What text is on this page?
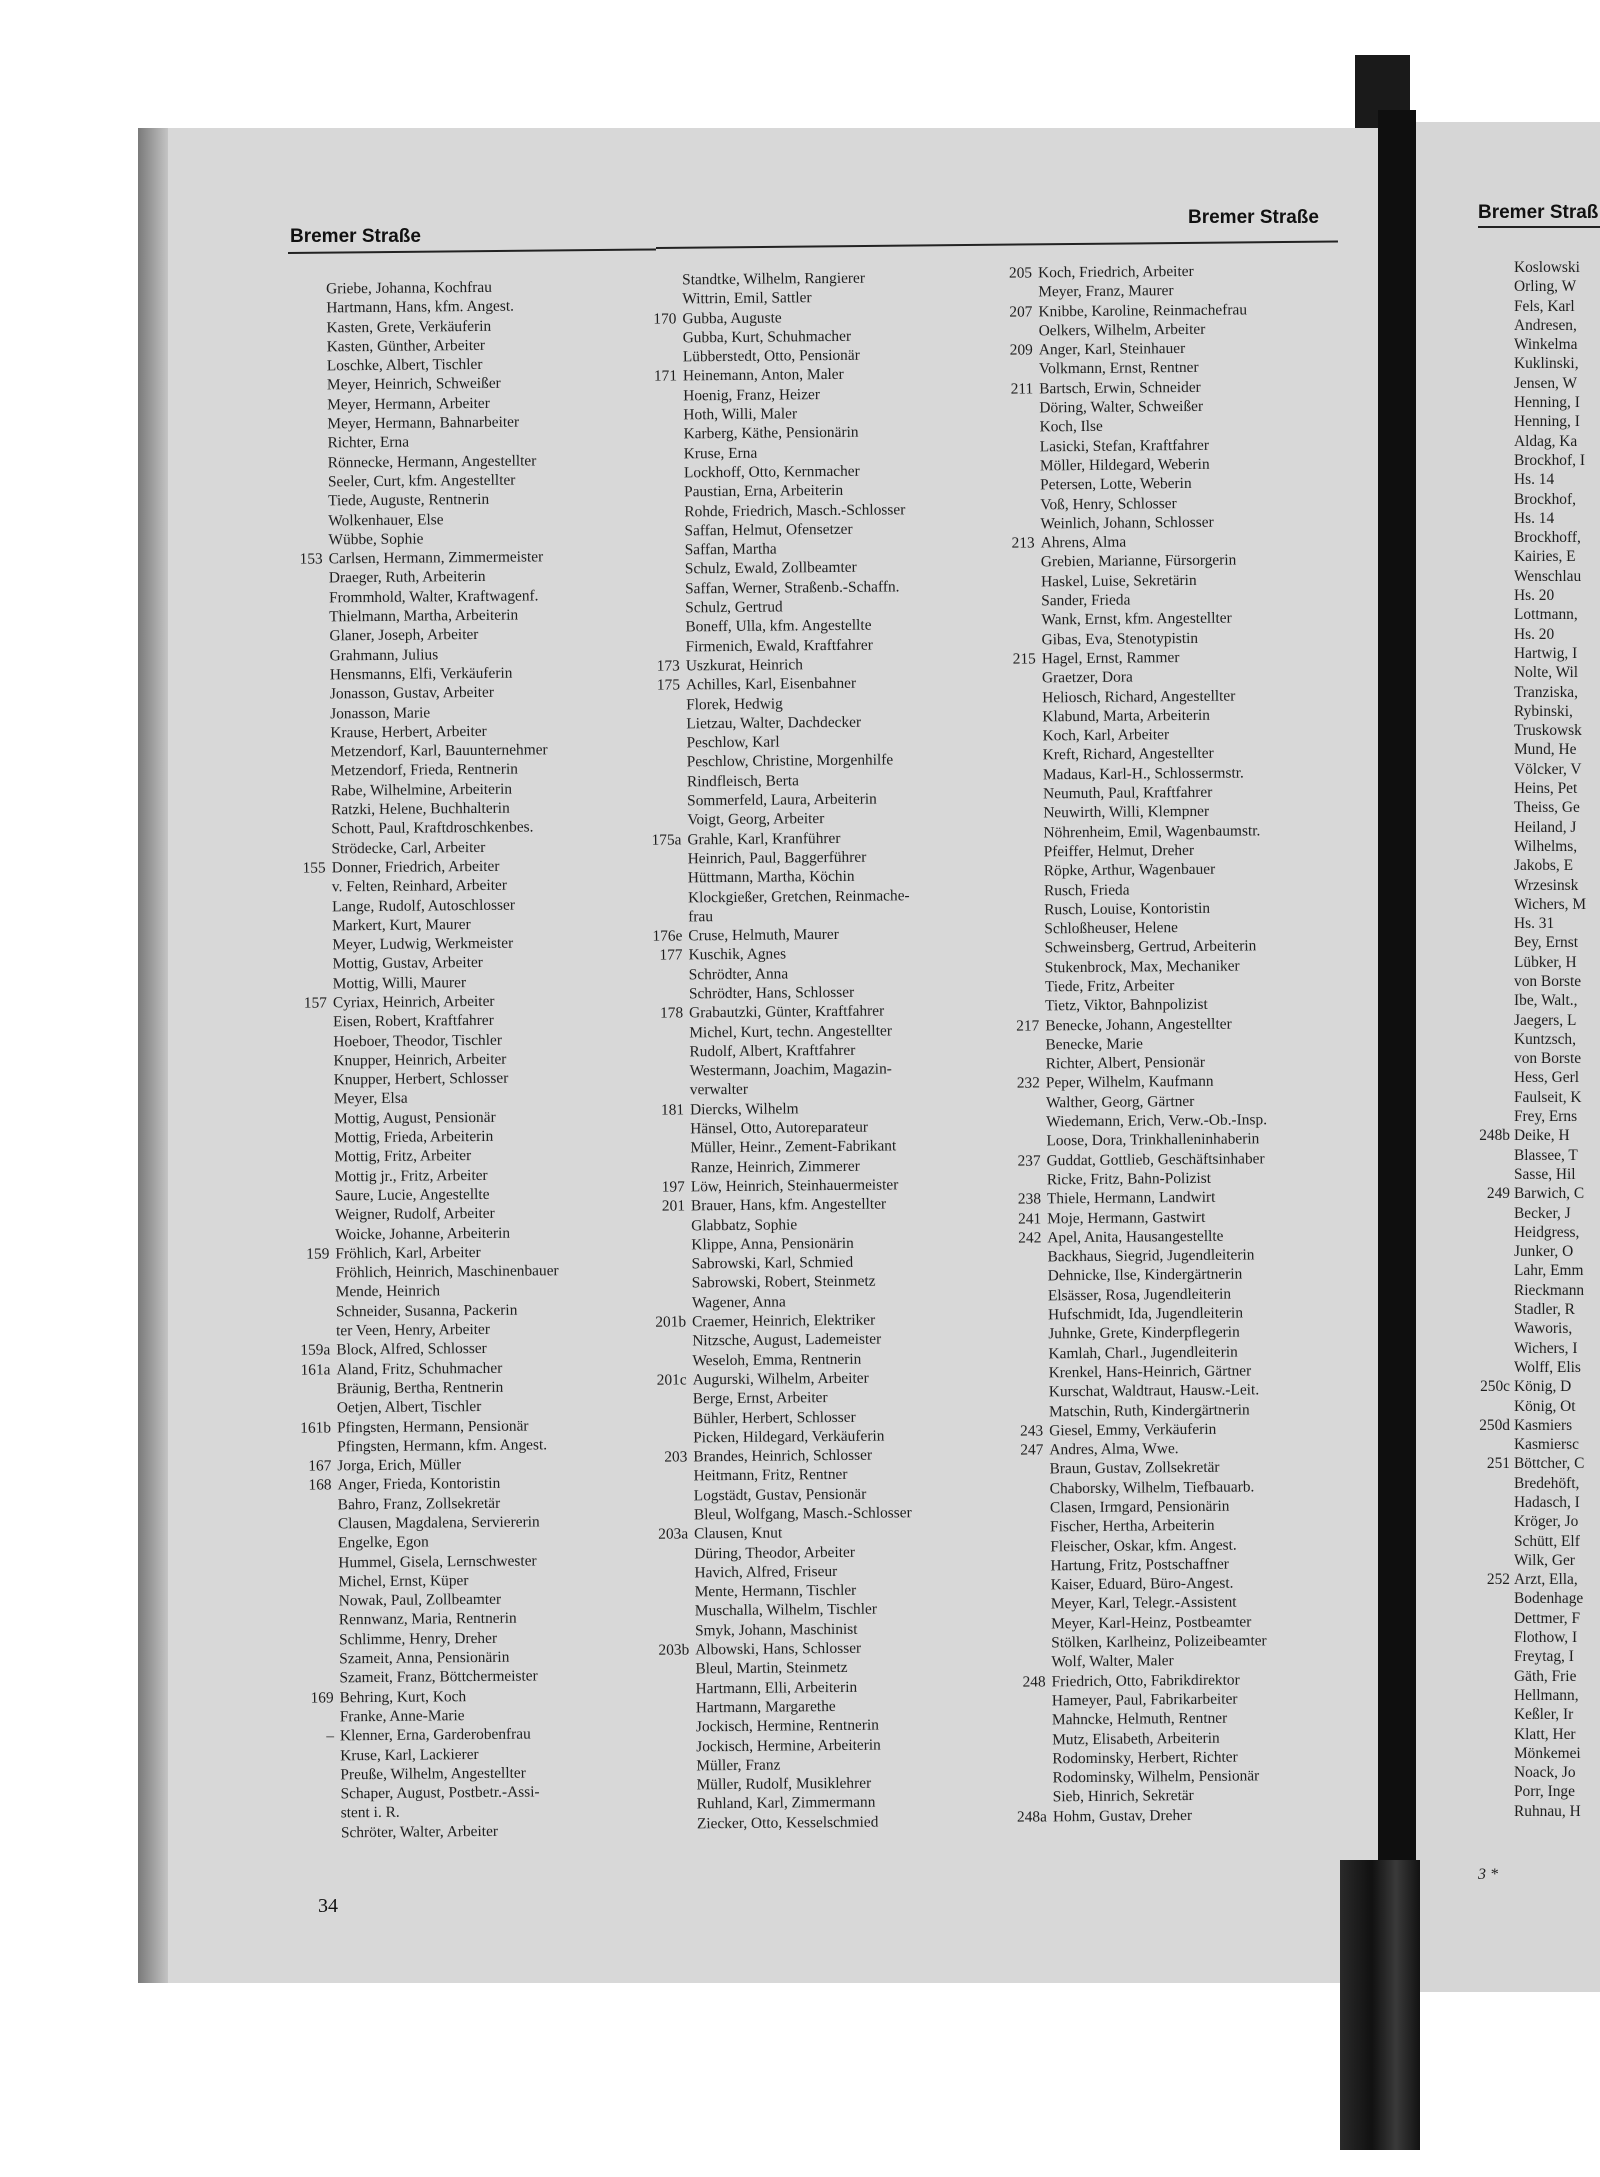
Bremer Straße
Bremer Straße	Bremer Straß
Griebe, Johanna, Kochfrau
Hartmann, Hans, kfm. Angest.
Kasten, Grete, Verkäuferin
Kasten, Günther, Arbeiter
Loschke, Albert, Tischler
Meyer, Heinrich, Schweißer
Meyer, Hermann, Arbeiter
Meyer, Hermann, Bahnarbeiter
Richter, Erna
Rönnecke, Hermann, Angestellter
Seeler, Curt, kfm. Angestellter
Tiede, Auguste, Rentnerin
Wolkenhauer, Else
Wübbe, Sophie
153 Carlsen, Hermann, Zimmermeister
Draeger, Ruth, Arbeiterin
Frommhold, Walter, Kraftwagenf.
Thielmann, Martha, Arbeiterin
Glaner, Joseph, Arbeiter
Grahmann, Julius
Hensmanns, Elfi, Verkäuferin
Jonasson, Gustav, Arbeiter
Jonasson, Marie
Krause, Herbert, Arbeiter
Metzendorf, Karl, Bauunternehmer
Metzendorf, Frieda, Rentnerin
Rabe, Wilhelmine, Arbeiterin
Ratzki, Helene, Buchhalterin
Schott, Paul, Kraftdroschkenbes.
Strödecke, Carl, Arbeiter
155 Donner, Friedrich, Arbeiter
v. Felten, Reinhard, Arbeiter
Lange, Rudolf, Autoschlosser
Markert, Kurt, Maurer
Meyer, Ludwig, Werkmeister
Mottig, Gustav, Arbeiter
Mottig, Willi, Maurer
157 Cyriax, Heinrich, Arbeiter
Eisen, Robert, Kraftfahrer
Hoeboer, Theodor, Tischler
Knupper, Heinrich, Arbeiter
Knupper, Herbert, Schlosser
Meyer, Elsa
Mottig, August, Pensionär
Mottig, Frieda, Arbeiterin
Mottig, Fritz, Arbeiter
Mottig jr., Fritz, Arbeiter
Saure, Lucie, Angestellte
Weigner, Rudolf, Arbeiter
Woicke, Johanne, Arbeiterin
159 Fröhlich, Karl, Arbeiter
Fröhlich, Heinrich, Maschinenbauer
Mende, Heinrich
Schneider, Susanna, Packerin
ter Veen, Henry, Arbeiter
159a Block, Alfred, Schlosser
161a Aland, Fritz, Schuhmacher
Bräunig, Bertha, Rentnerin
Oetjen, Albert, Tischler
161b Pfingsten, Hermann, Pensionär
Pfingsten, Hermann, kfm. Angest.
167 Jorga, Erich, Müller
168 Anger, Frieda, Kontoristin
Bahro, Franz, Zollsekretär
Clausen, Magdalena, Serviererin
Engelke, Egon
Hummel, Gisela, Lernschwester
Michel, Ernst, Küper
Nowak, Paul, Zollbeamter
Rennwanz, Maria, Rentnerin
Schlimme, Henry, Dreher
Szameit, Anna, Pensionärin
Szameit, Franz, Böttchermeister
169 Behring, Kurt, Koch
Franke, Anne-Marie
– Klenner, Erna, Garderobenfrau
Kruse, Karl, Lackierer
Preuße, Wilhelm, Angestellter
Schaper, August, Postbetr.-Assi-
stent i. R.
Schröter, Walter, Arbeiter
Standtke, Wilhelm, Rangierer
Wittrin, Emil, Sattler
170 Gubba, Auguste
Gubba, Kurt, Schuhmacher
Lübberstedt, Otto, Pensionär
171 Heinemann, Anton, Maler
Hoenig, Franz, Heizer
Hoth, Willi, Maler
Karberg, Käthe, Pensionärin
Kruse, Erna
Lockhoff, Otto, Kernmacher
Paustian, Erna, Arbeiterin
Rohde, Friedrich, Masch.-Schlosser
Saffan, Helmut, Ofensetzer
Saffan, Martha
Schulz, Ewald, Zollbeamter
Saffan, Werner, Straßenb.-Schaffn.
Schulz, Gertrud
Boneff, Ulla, kfm. Angestellte
Firmenich, Ewald, Kraftfahrer
173 Uszkurat, Heinrich
175 Achilles, Karl, Eisenbahner
Florek, Hedwig
Lietzau, Walter, Dachdecker
Peschlow, Karl
Peschlow, Christine, Morgenhilfe
Rindfleisch, Berta
Sommerfeld, Laura, Arbeiterin
Voigt, Georg, Arbeiter
175a Grahle, Karl, Kranführer
Heinrich, Paul, Baggerführer
Hüttmann, Martha, Köchin
Klockgießer, Gretchen, Reinmache-
frau
176e Cruse, Helmuth, Maurer
177 Kuschik, Agnes
Schrödter, Anna
Schrödter, Hans, Schlosser
178 Grabautzki, Günter, Kraftfahrer
Michel, Kurt, techn. Angestellter
Rudolf, Albert, Kraftfahrer
Westermann, Joachim, Magazin-
verwalter
181 Diercks, Wilhelm
Hänsel, Otto, Autoreparateur
Müller, Heinr., Zement-Fabrikant
Ranze, Heinrich, Zimmerer
197 Löw, Heinrich, Steinhauermeister
201 Brauer, Hans, kfm. Angestellter
Glabbatz, Sophie
Klippe, Anna, Pensionärin
Sabrowski, Karl, Schmied
Sabrowski, Robert, Steinmetz
Wagener, Anna
201b Craemer, Heinrich, Elektriker
Nitzsche, August, Lademeister
Weseloh, Emma, Rentnerin
201c Augurski, Wilhelm, Arbeiter
Berge, Ernst, Arbeiter
Bühler, Herbert, Schlosser
Picken, Hildegard, Verkäuferin
203 Brandes, Heinrich, Schlosser
Heitmann, Fritz, Rentner
Logstädt, Gustav, Pensionär
Bleul, Wolfgang, Masch.-Schlosser
203a Clausen, Knut
Düring, Theodor, Arbeiter
Havich, Alfred, Friseur
Mente, Hermann, Tischler
Muschalla, Wilhelm, Tischler
Smyk, Johann, Maschinist
203b Albowski, Hans, Schlosser
Bleul, Martin, Steinmetz
Hartmann, Elli, Arbeiterin
Hartmann, Margarethe
Jockisch, Hermine, Rentnerin
Jockisch, Hermine, Arbeiterin
Müller, Franz
Müller, Rudolf, Musiklehrer
Ruhland, Karl, Zimmermann
Ziecker, Otto, Kesselschmied
205 Koch, Friedrich, Arbeiter
Meyer, Franz, Maurer
207 Knibbe, Karoline, Reinmachefrau
Oelkers, Wilhelm, Arbeiter
209 Anger, Karl, Steinhauer
Volkmann, Ernst, Rentner
211 Bartsch, Erwin, Schneider
Döring, Walter, Schweißer
Koch, Ilse
Lasicki, Stefan, Kraftfahrer
Möller, Hildegard, Weberin
Petersen, Lotte, Weberin
Voß, Henry, Schlosser
Weinlich, Johann, Schlosser
213 Ahrens, Alma
Grebien, Marianne, Fürsorgerin
Haskel, Luise, Sekretärin
Sander, Frieda
Wank, Ernst, kfm. Angestellter
Gibas, Eva, Stenotypistin
215 Hagel, Ernst, Rammer
Graetzer, Dora
Heliosch, Richard, Angestellter
Klabund, Marta, Arbeiterin
Koch, Karl, Arbeiter
Kreft, Richard, Angestellter
Madaus, Karl-H., Schlossermstr.
Neumuth, Paul, Kraftfahrer
Neuwirth, Willi, Klempner
Nöhrenheim, Emil, Wagenbaumstr.
Pfeiffer, Helmut, Dreher
Röpke, Arthur, Wagenbauer
Rusch, Frieda
Rusch, Louise, Kontoristin
Schloßheuser, Helene
Schweinsberg, Gertrud, Arbeiterin
Stukenbrock, Max, Mechaniker
Tiede, Fritz, Arbeiter
Tietz, Viktor, Bahnpolizist
217 Benecke, Johann, Angestellter
Benecke, Marie
Richter, Albert, Pensionär
232 Peper, Wilhelm, Kaufmann
Walther, Georg, Gärtner
Wiedemann, Erich, Verw.-Ob.-Insp.
Loose, Dora, Trinkhalleninhaberin
237 Guddat, Gottlieb, Geschäftsinhaber
Ricke, Fritz, Bahn-Polizist
238 Thiele, Hermann, Landwirt
241 Moje, Hermann, Gastwirt
242 Apel, Anita, Hausangestellte
Backhaus, Siegrid, Jugendleiterin
Dehnicke, Ilse, Kindergärtnerin
Elsässer, Rosa, Jugendleiterin
Hufschmidt, Ida, Jugendleiterin
Juhnke, Grete, Kinderpflegerin
Kamlah, Charl., Jugendleiterin
Krenkel, Hans-Heinrich, Gärtner
Kurschat, Waldtraut, Hausw.-Leit.
Matschin, Ruth, Kindergärtnerin
243 Giesel, Emmy, Verkäuferin
247 Andres, Alma, Wwe.
Braun, Gustav, Zollsekretär
Chaborsky, Wilhelm, Tiefbauarb.
Clasen, Irmgard, Pensionärin
Fischer, Hertha, Arbeiterin
Fleischer, Oskar, kfm. Angest.
Hartung, Fritz, Postschaffner
Kaiser, Eduard, Büro-Angest.
Meyer, Karl, Telegr.-Assistent
Meyer, Karl-Heinz, Postbeamter
Stölken, Karlheinz, Polizeibeamter
Wolf, Walter, Maler
248 Friedrich, Otto, Fabrikdirektor
Hameyer, Paul, Fabrikarbeiter
Mahncke, Helmuth, Rentner
Mutz, Elisabeth, Arbeiterin
Rodominsky, Herbert, Richter
Rodominsky, Wilhelm, Pensionär
Sieb, Hinrich, Sekretär
248a Hohm, Gustav, Dreher
Koslowski
Orling, W
Fels, Karl
Andresen,
Winkelma
Kuklinski,
Jensen, W
Henning, I
Henning, I
Aldag, Ka
Brockhof, I
Hs. 14
Brockhof,
Hs. 14
Brockhoff,
Kairies, E
Wenschlau
Hs. 20
Lottmann,
Hs. 20
Hartwig, I
Nolte, Wil
Tranziska,
Rybinski,
Truskowsk
Mund, He
Völcker, V
Heins, Pet
Theiss, Ge
Heiland, J
Wilhelms,
Jakobs, E
Wrzesinsk
Wichers, M
Hs. 31
Bey, Ernst
Lübker, H
von Borste
Ibe, Walt.,
Jaegers, L
Kuntzsch,
von Borste
Hess, Gerl
Faulseit, K
Frey, Erns
248b Deike, H
Blassee, T
Sasse, Hil
249 Barwich, C
Becker, J
Heidgress,
Junker, O
Lahr, Emm
Rieckmann
Stadler, R
Waworis,
Wichers, I
Wolff, Elis
250c König, D
König, Ot
250d Kasmiers
Kasmiersc
251 Böttcher, C
Bredehöft,
Hadasch, I
Kröger, Jo
Schütt, Elf
Wilk, Ger
252 Arzt, Ella,
Bodenhage
Dettmer, F
Flothow, I
Freytag, I
Gäth, Frie
Hellmann,
Keßler, Ir
Klatt, Her
Mönkemei
Noack, Jo
Porr, Inge
Ruhnau, H
34
3 *
